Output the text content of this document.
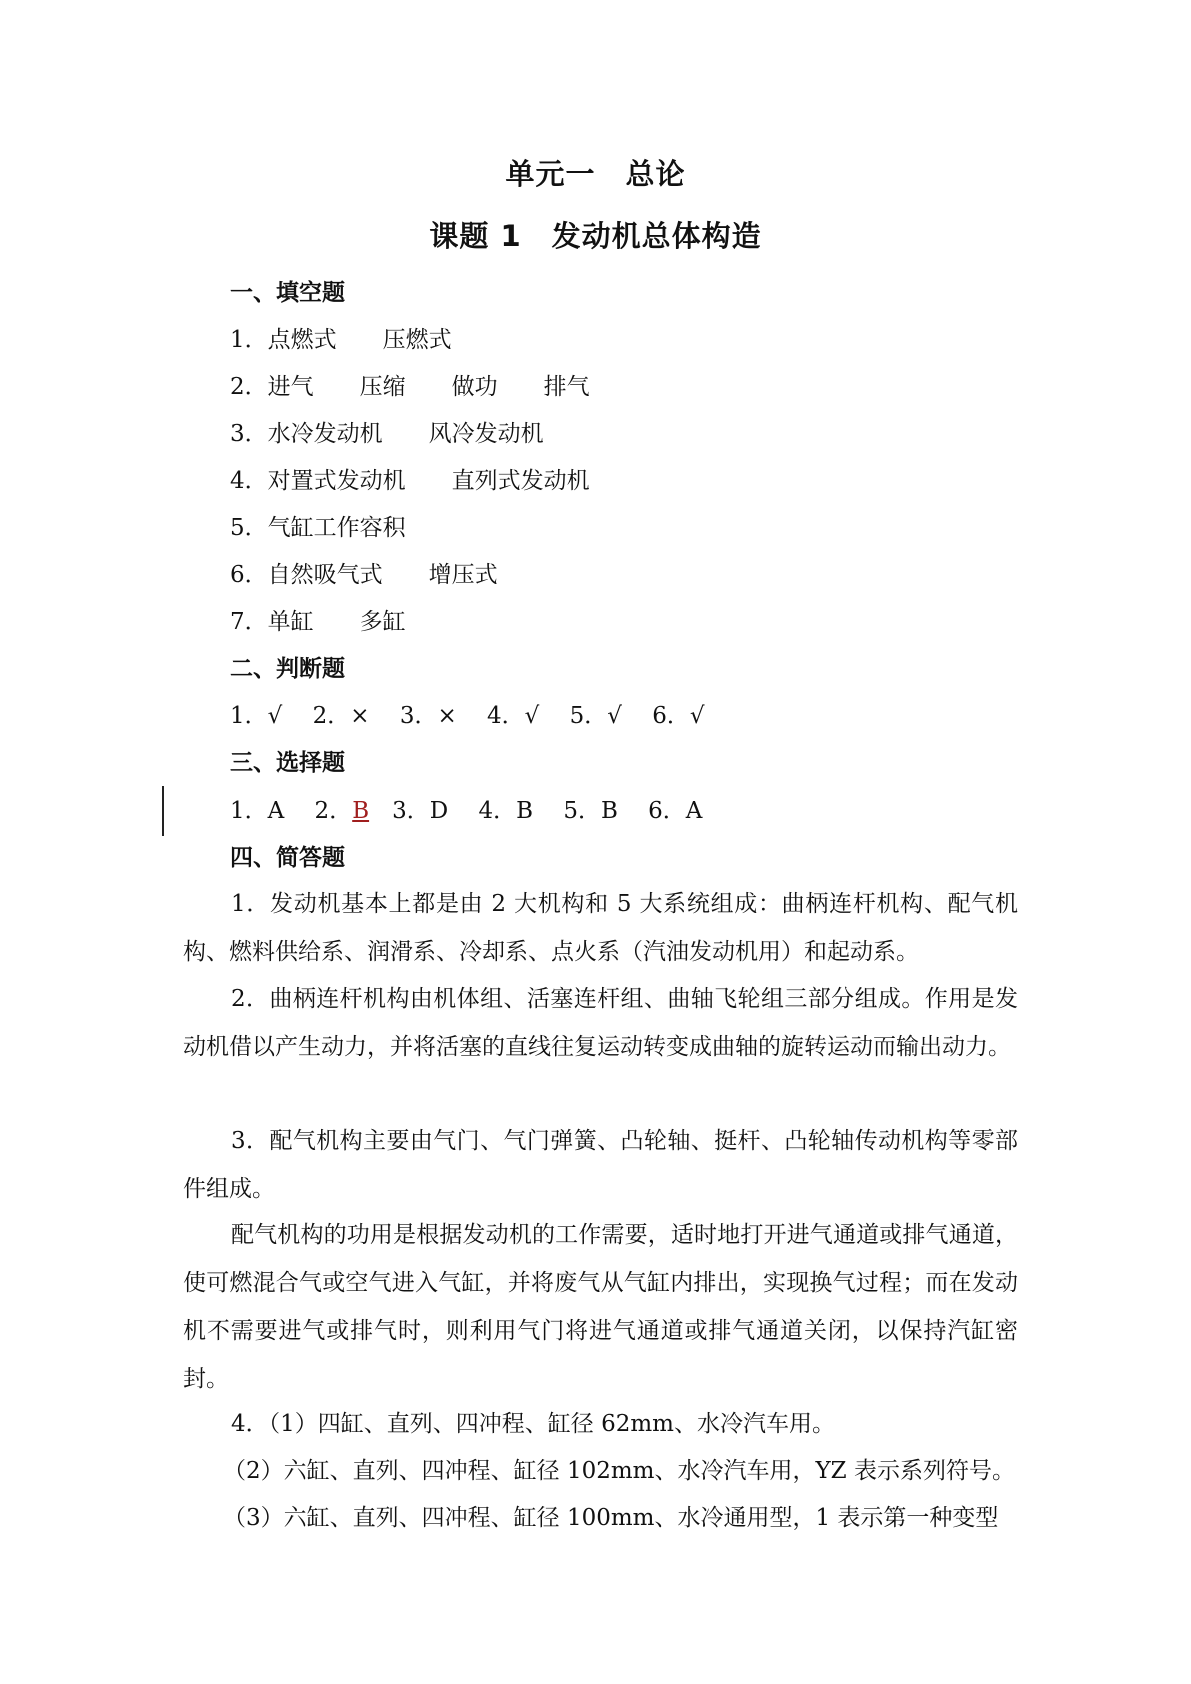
单元一　总论
课题 1　发动机总体构造
一、填空题
1．点燃式　　压燃式
2．进气　　压缩　　做功　　排气
3．水冷发动机　　风冷发动机
4．对置式发动机　　直列式发动机
5．气缸工作容积
6．自然吸气式　　增压式
7．单缸　　多缸
二、判断题
1．√　 2．×　 3．×　 4．√　 5．√　 6．√
三、选择题
1．A　 2．B　3．D　 4．B　 5．B　 6．A
四、简答题
1．发动机基本上都是由 2 大机构和 5 大系统组成：曲柄连杆机构、配气机构、燃料供给系、润滑系、冷却系、点火系（汽油发动机用）和起动系。
2．曲柄连杆机构由机体组、活塞连杆组、曲轴飞轮组三部分组成。作用是发动机借以产生动力，并将活塞的直线往复运动转变成曲轴的旋转运动而输出动力。
3．配气机构主要由气门、气门弹簧、凸轮轴、挺杆、凸轮轴传动机构等零部件组成。
配气机构的功用是根据发动机的工作需要，适时地打开进气通道或排气通道，使可燃混合气或空气进入气缸，并将废气从气缸内排出，实现换气过程；而在发动机不需要进气或排气时，则利用气门将进气通道或排气通道关闭，以保持汽缸密封。
4．（1）四缸、直列、四冲程、缸径 62mm、水冷汽车用。
（2）六缸、直列、四冲程、缸径 102mm、水冷汽车用，YZ 表示系列符号。
（3）六缸、直列、四冲程、缸径 100mm、水冷通用型，1 表示第一种变型
